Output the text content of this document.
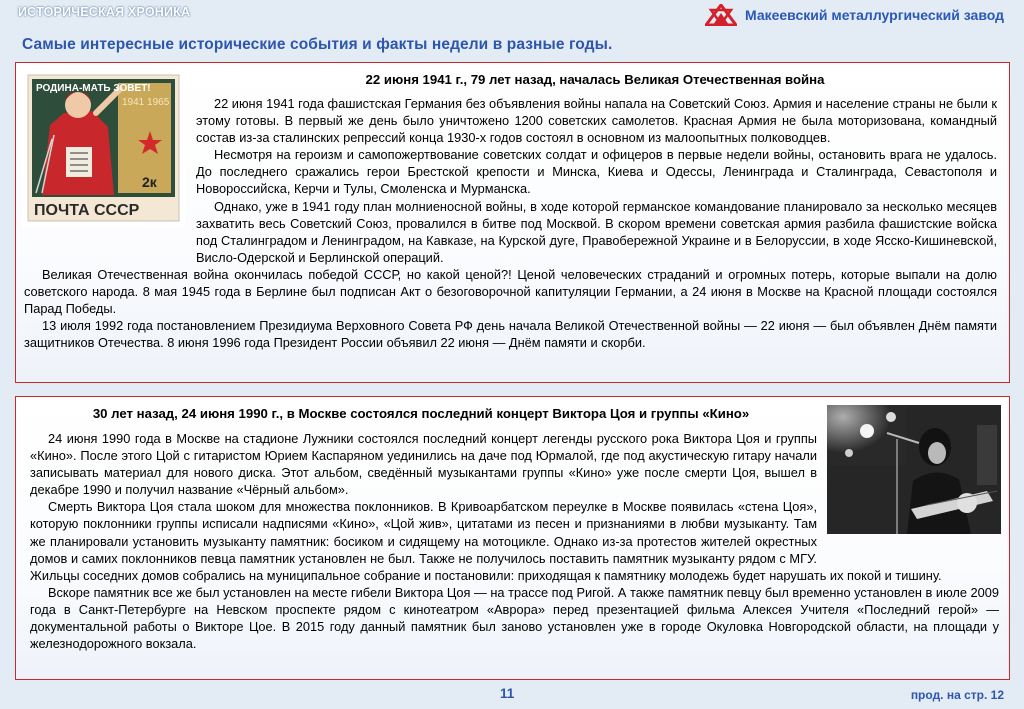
ИСТОРИЧЕСКАЯ ХРОНИКА	Макеевский металлургический завод
Самые интересные исторические события и факты недели в разные годы.
РОДИНА-МАТЬ ЗОВЕТ!
1941 1965
2к
ПОЧТА СССР
22 июня 1941 г., 79 лет назад, началась Великая Отечественная война

22 июня 1941 года фашистская Германия без объявления войны напала на Советский Союз. Армия и население страны не были к этому готовы. В первый же день было уничтожено 1200 советских самолетов. Красная Армия не была моторизована, командный состав из-за сталинских репрессий конца 1930-х годов состоял в основном из малоопытных полководцев.

Несмотря на героизм и самопожертвование советских солдат и офицеров в первые недели войны, остановить врага не удалось. До последнего сражались герои Брестской крепости и Минска, Киева и Одессы, Ленинграда и Сталинграда, Севастополя и Новороссийска, Керчи и Тулы, Смоленска и Мурманска.

Однако, уже в 1941 году план молниеносной войны, в ходе которой германское командование планировало за несколько месяцев захватить весь Советский Союз, провалился в битве под Москвой. В скором времени советская армия разбила фашистские войска под Сталинградом и Ленинградом, на Кавказе, на Курской дуге, Правобережной Украине и в Белоруссии, в ходе Ясско-Кишиневской, Висло-Одерской и Берлинской операций.

Великая Отечественная война окончилась победой СССР, но какой ценой?! Ценой человеческих страданий и огромных потерь, которые выпали на долю советского народа. 8 мая 1945 года в Берлине был подписан Акт о безоговорочной капитуляции Германии, а 24 июня в Москве на Красной площади состоялся Парад Победы.

13 июля 1992 года постановлением Президиума Верховного Совета РФ день начала Великой Отечественной войны — 22 июня — был объявлен Днём памяти защитников Отечества. 8 июня 1996 года Президент России объявил 22 июня — Днём памяти и скорби.

30 лет назад, 24 июня 1990 г., в Москве состоялся последний концерт Виктора Цоя и группы «Кино»

24 июня 1990 года в Москве на стадионе Лужники состоялся последний концерт легенды русского рока Виктора Цоя и группы «Кино». После этого Цой с гитаристом Юрием Каспаряном уединились на даче под Юрмалой, где под акустическую гитару начали записывать материал для нового диска. Этот альбом, сведённый музыкантами группы «Кино» уже после смерти Цоя, вышел в декабре 1990 и получил название «Чёрный альбом».

Смерть Виктора Цоя стала шоком для множества поклонников. В Кривоарбатском переулке в Москве появилась «стена Цоя», которую поклонники группы исписали надписями «Кино», «Цой жив», цитатами из песен и признаниями в любви музыканту. Там же планировали установить музыканту памятник: босиком и сидящему на мотоцикле. Однако из-за протестов жителей окрестных домов и самих поклонников певца памятник установлен не был. Также не получилось поставить памятник музыканту рядом с МГУ. Жильцы соседних домов собрались на муниципальное собрание и постановили: приходящая к памятнику молодежь будет нарушать их покой и тишину.

Вскоре памятник все же был установлен на месте гибели Виктора Цоя — на трассе под Ригой. А также памятник певцу был временно установлен в июле 2009 года в Санкт-Петербурге на Невском проспекте рядом с кинотеатром «Аврора» перед презентацией фильма Алексея Учителя «Последний герой» — документальной работы о Викторе Цое. В 2015 году данный памятник был заново установлен уже в городе Окуловка Новгородской области, на площади у железнодорожного вокзала.

11	прод. на стр. 12
